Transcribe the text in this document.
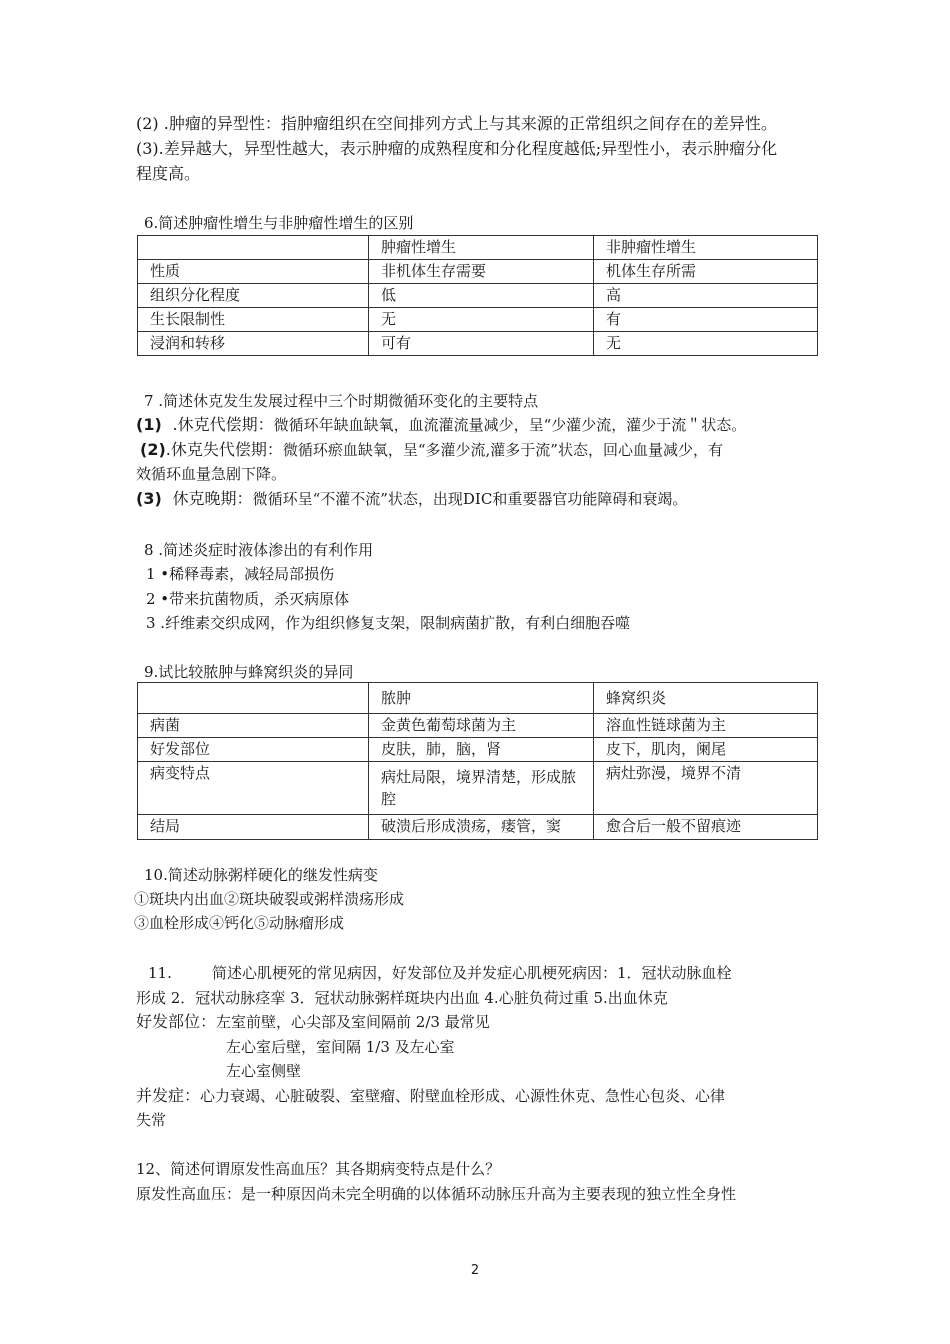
(2) .肿瘤的异型性：指肿瘤组织在空间排列方式上与其来源的正常组织之间存在的差异性。
(3).差异越大，异型性越大，表示肿瘤的成熟程度和分化程度越低;异型性小，表示肿瘤分化
程度高。
6.简述肿瘤性增生与非肿瘤性增生的区别
	肿瘤性增生	非肿瘤性增生
性质	非机体生存需要	机体生存所需
组织分化程度	低	高
生长限制性	无	有
浸润和转移	可有	无
7 .简述休克发生发展过程中三个时期微循环变化的主要特点
(1) .休克代偿期：微循环年缺血缺氧，血流灌流量减少，呈“少灌少流，灌少于流＂状态。
(2).休克失代偿期：微循环瘀血缺氧，呈“多灌少流,灌多于流”状态，回心血量减少，有
效循环血量急剧下降。
(3) 休克晚期：微循环呈“不灌不流”状态，出现DIC和重要器官功能障碍和衰竭。
8 .简述炎症时液体渗出的有利作用
1 •稀释毒素，减轻局部损伤
2 •带来抗菌物质，杀灭病原体
3 .纤维素交织成网，作为组织修复支架，限制病菌扩散，有利白细胞吞噬
9.试比较脓肿与蜂窝织炎的异同
	脓肿	蜂窝织炎
病菌	金黄色葡萄球菌为主	溶血性链球菌为主
好发部位	皮肤，肺，脑，肾	皮下，肌肉，阑尾
病变特点	病灶局限，境界清楚，形成脓腔	病灶弥漫，境界不清
结局	破溃后形成溃疡，瘘管，窦	愈合后一般不留痕迹
10.简述动脉粥样硬化的继发性病变
①斑块内出血②斑块破裂或粥样溃疡形成
③血栓形成④钙化⑤动脉瘤形成
11.	简述心肌梗死的常见病因，好发部位及并发症心肌梗死病因：1．冠状动脉血栓
形成 2．冠状动脉痉挛 3．冠状动脉粥样斑块内出血 4.心脏负荷过重 5.出血休克
好发部位：左室前壁，心尖部及室间隔前 2/3 最常见
左心室后壁，室间隔 1/3 及左心室
左心室侧壁
并发症：心力衰竭、心脏破裂、室壁瘤、附壁血栓形成、心源性休克、急性心包炎、心律
失常
12、简述何谓原发性高血压？其各期病变特点是什么？
原发性高血压：是一种原因尚未完全明确的以体循环动脉压升高为主要表现的独立性全身性
2
